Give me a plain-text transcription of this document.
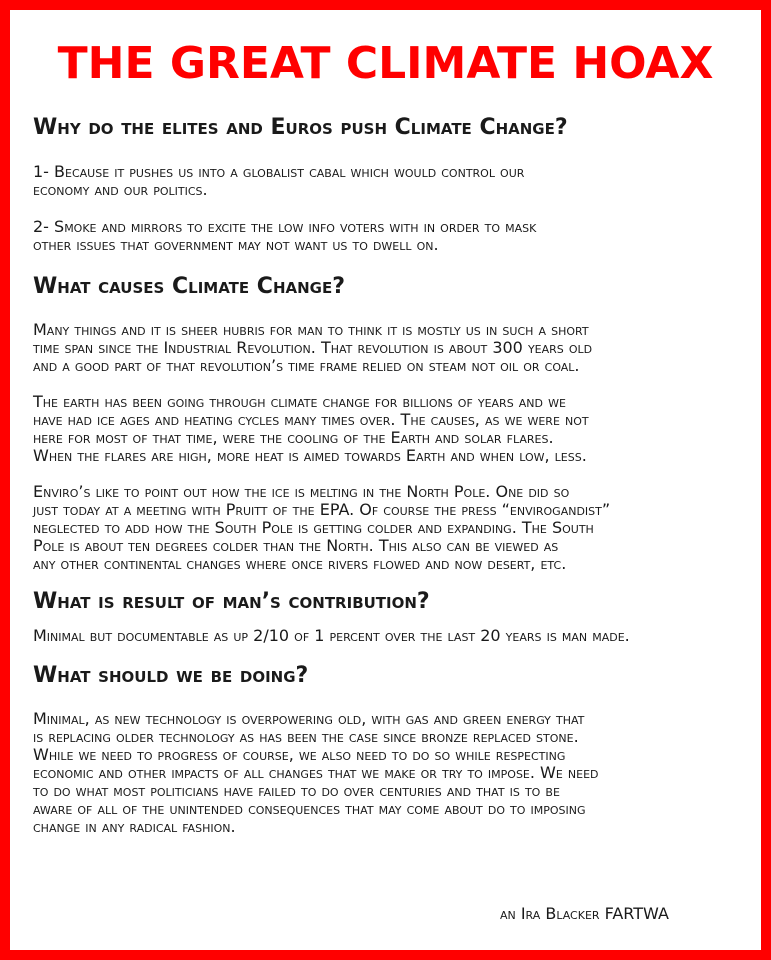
THE GREAT CLIMATE HOAX
Why do the elites and Euros push Climate Change?
1- Because it pushes us into a globalist cabal which would control our
economy and our politics.
2- Smoke and mirrors to excite the low info voters with in order to mask
other issues that government may not want us to dwell on.
What causes Climate Change?
Many things and it is sheer hubris for man to think it is mostly us in such a short
time span since the Industrial Revolution. That revolution is about 300 years old
and a good part of that revolution’s time frame relied on steam not oil or coal.
The earth has been going through climate change for billions of years and we
have had ice ages and heating cycles many times over. The causes, as we were not
here for most of that time, were the cooling of the Earth and solar flares.
When the flares are high, more heat is aimed towards Earth and when low, less.
Enviro’s like to point out how the ice is melting in the North Pole. One did so
just today at a meeting with Pruitt of the EPA. Of course the press “envirogandist”
neglected to add how the South Pole is getting colder and expanding. The South
Pole is about ten degrees colder than the North. This also can be viewed as
any other continental changes where once rivers flowed and now desert, etc.
What is result of man’s contribution?
Minimal but documentable as up 2/10 of 1 percent over the last 20 years is man made.
What should we be doing?
Minimal, as new technology is overpowering old, with gas and green energy that
is replacing older technology as has been the case since bronze replaced stone.
While we need to progress of course, we also need to do so while respecting
economic and other impacts of all changes that we make or try to impose. We need
to do what most politicians have failed to do over centuries and that is to be
aware of all of the unintended consequences that may come about do to imposing
change in any radical fashion.
an Ira Blacker FARTWA
